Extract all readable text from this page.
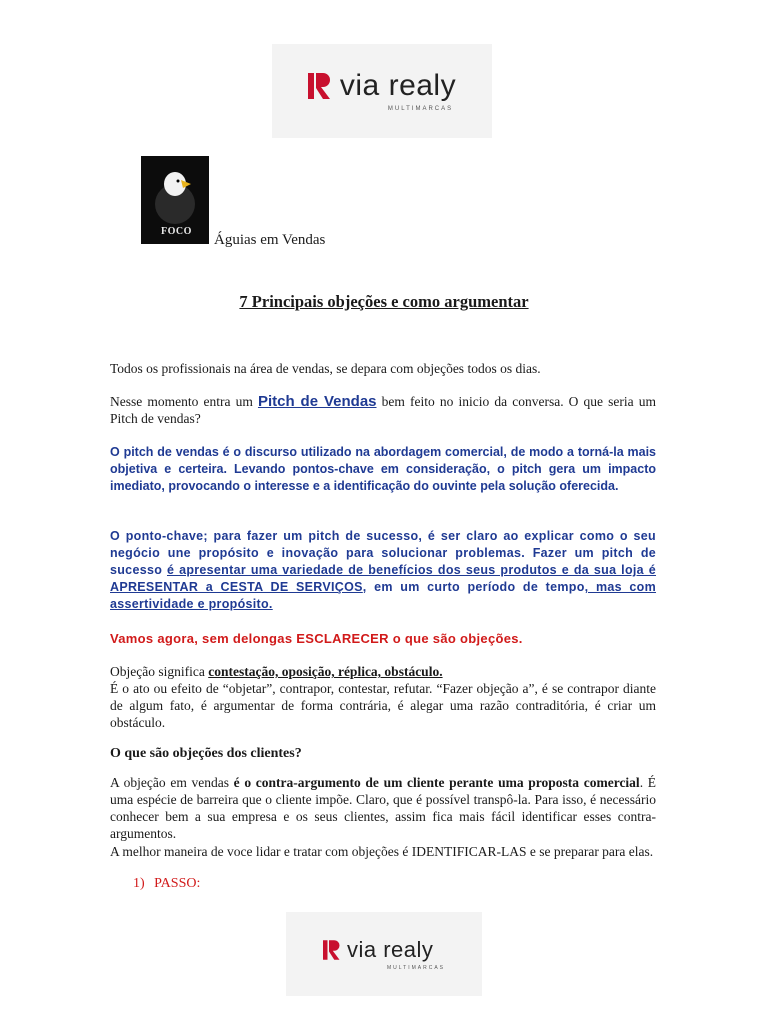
via realy
MULTIMARCAS
FOCO
Águias em Vendas
7 Principais objeções e como argumentar
Todos os profissionais na área de vendas, se depara com objeções todos os dias.
Nesse momento entra um Pitch de Vendas bem feito no inicio da conversa. O que seria um Pitch de vendas?
O pitch de vendas é o discurso utilizado na abordagem comercial, de modo a torná-la mais objetiva e certeira. Levando pontos-chave em consideração, o pitch gera um impacto imediato, provocando o interesse e a identificação do ouvinte pela solução oferecida.
O ponto-chave; para fazer um pitch de sucesso, é ser claro ao explicar como o seu negócio une propósito e inovação para solucionar problemas. Fazer um pitch de sucesso é apresentar uma variedade de benefícios dos seus produtos e da sua loja é APRESENTAR a CESTA DE SERVIÇOS, em um curto período de tempo, mas com assertividade e propósito.
Vamos agora, sem delongas ESCLARECER o que são objeções.
Objeção significa contestação, oposição, réplica, obstáculo.
É o ato ou efeito de “objetar”, contrapor, contestar, refutar. “Fazer objeção a”, é se contrapor diante de algum fato, é argumentar de forma contrária, é alegar uma razão contraditória, é criar um obstáculo.
O que são objeções dos clientes?
A objeção em vendas é o contra-argumento de um cliente perante uma proposta comercial. É uma espécie de barreira que o cliente impõe. Claro, que é possível transpô-la. Para isso, é necessário conhecer bem a sua empresa e os seus clientes, assim fica mais fácil identificar esses contra-argumentos.
A melhor maneira de voce lidar e tratar com objeções é IDENTIFICAR-LAS e se preparar para elas.
1) PASSO:
via realy
MULTIMARCAS
